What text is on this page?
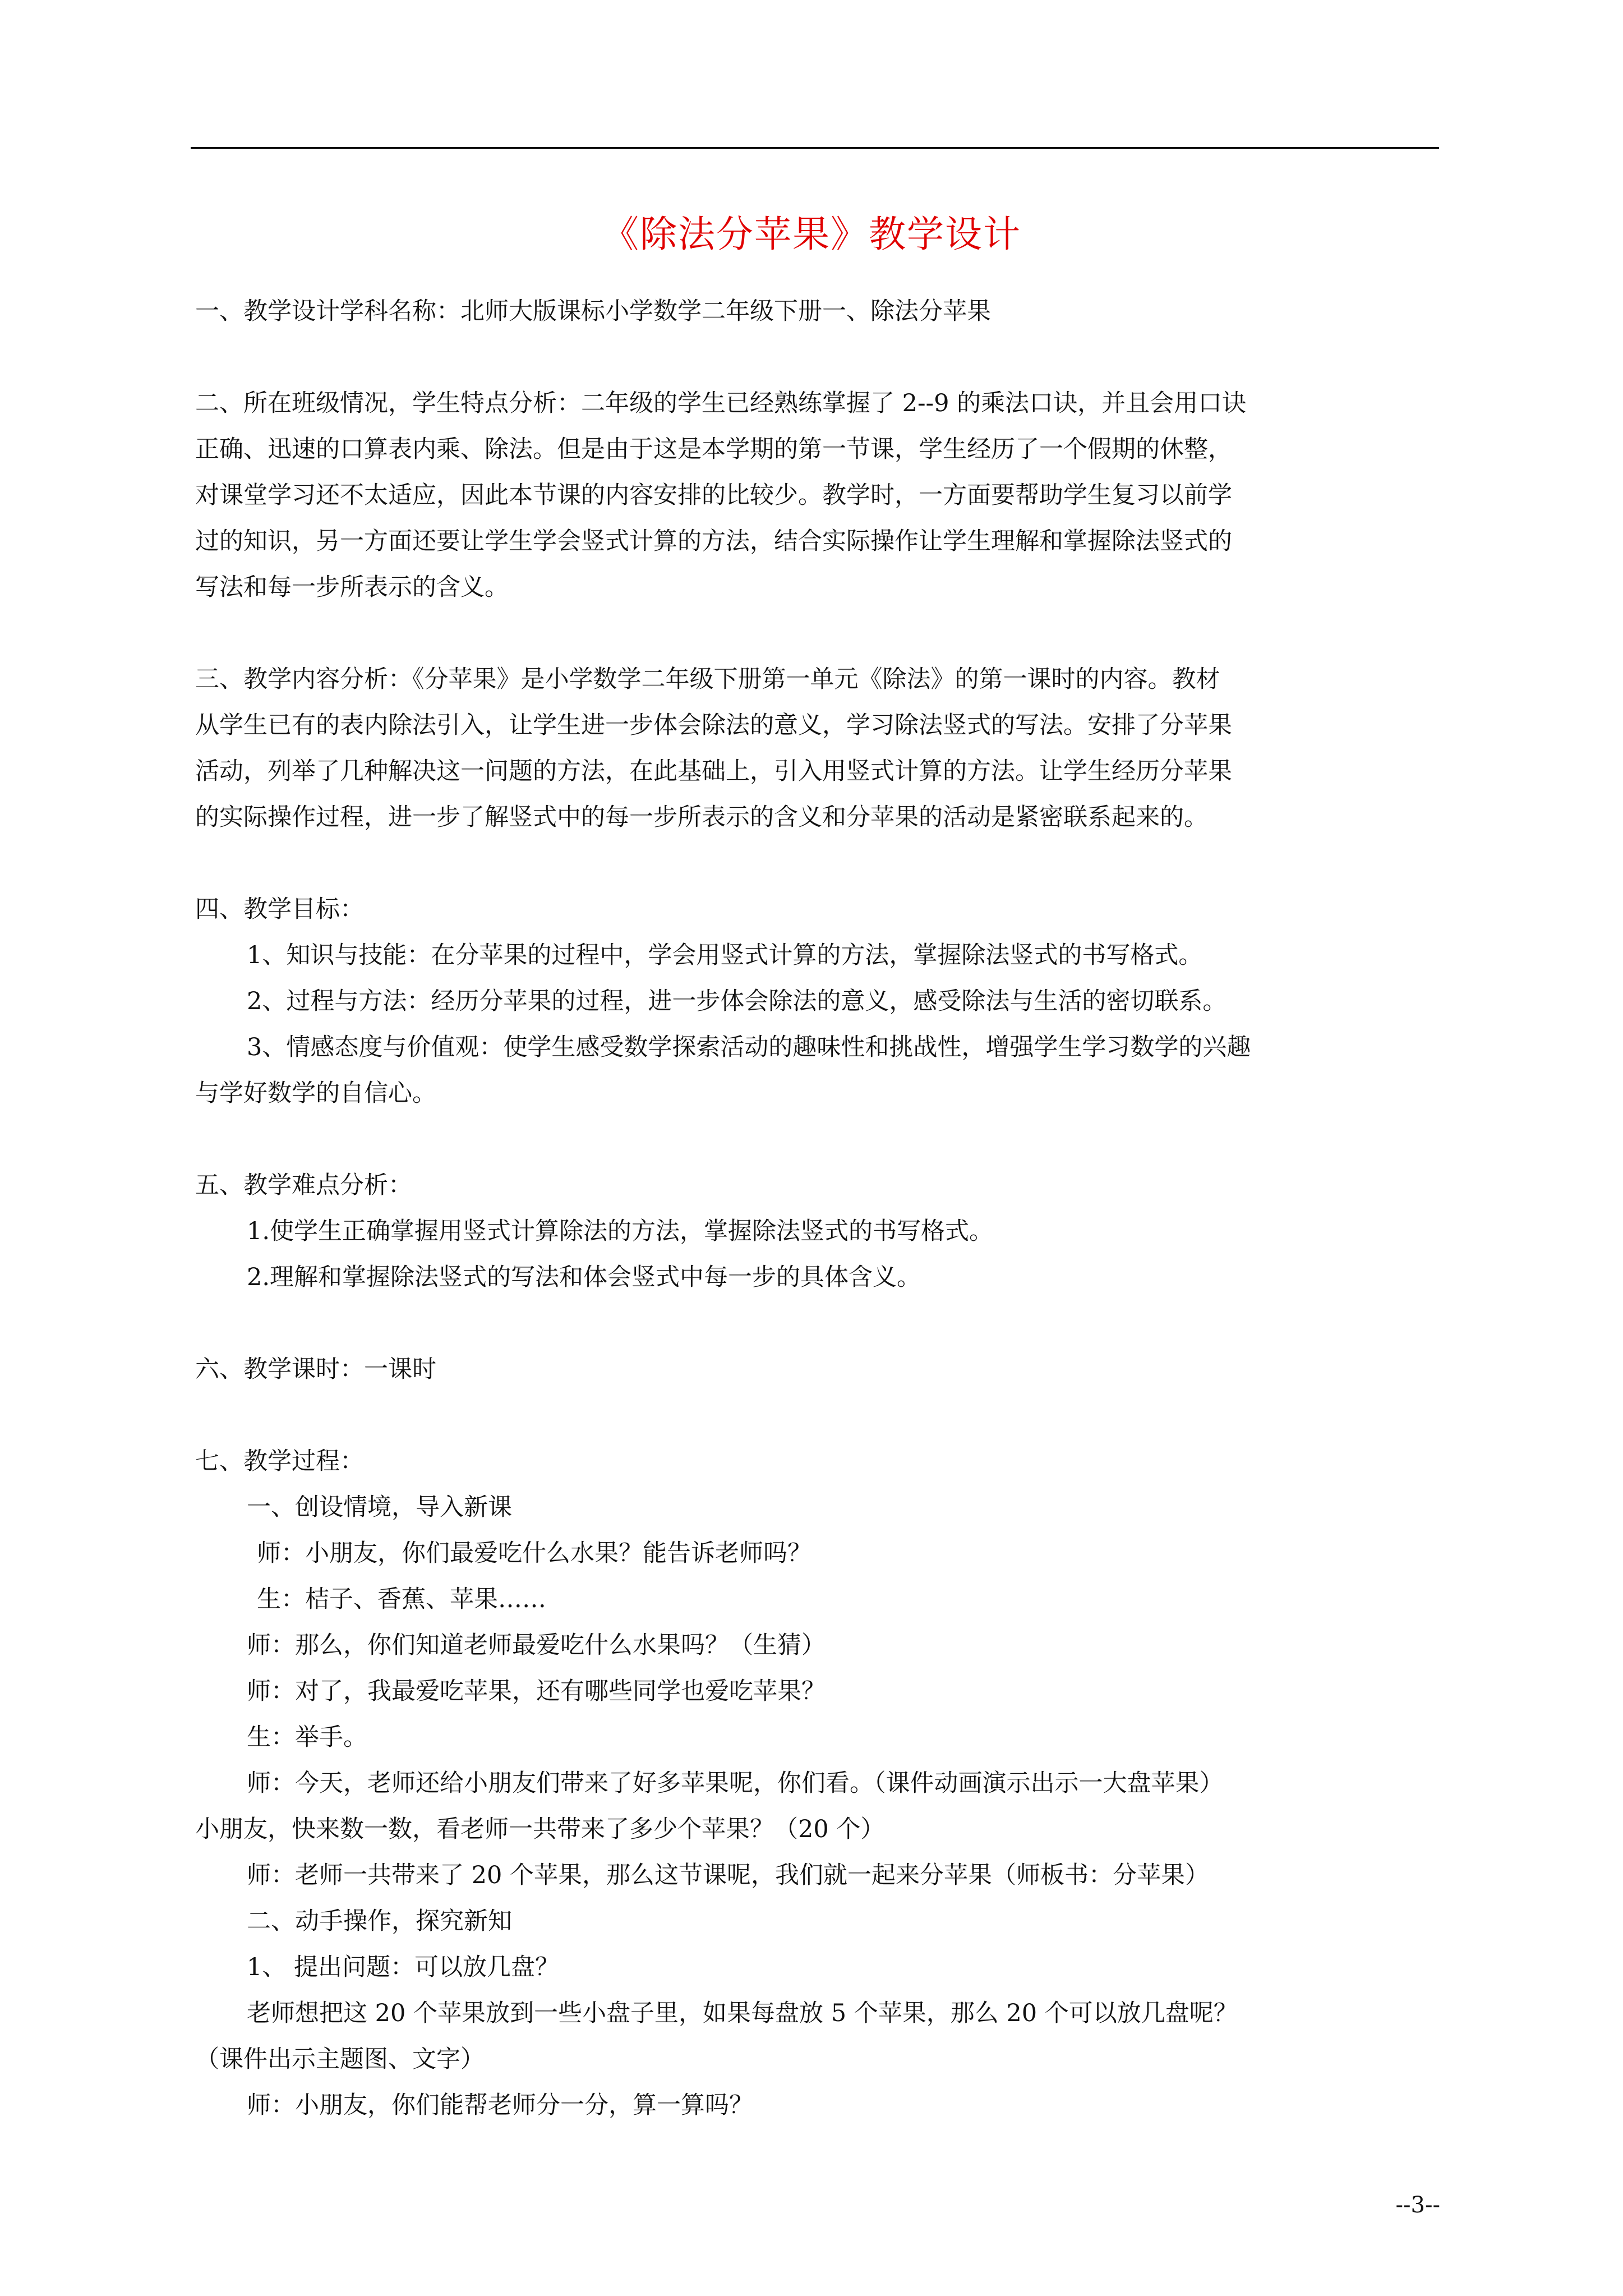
《除法分苹果》教学设计

一、教学设计学科名称：北师大版课标小学数学二年级下册一、除法分苹果

二、所在班级情况，学生特点分析：二年级的学生已经熟练掌握了 2--9 的乘法口诀，并且会用口诀

正确、迅速的口算表内乘、除法。但是由于这是本学期的第一节课，学生经历了一个假期的休整，

对课堂学习还不太适应，因此本节课的内容安排的比较少。教学时，一方面要帮助学生复习以前学

过的知识，另一方面还要让学生学会竖式计算的方法，结合实际操作让学生理解和掌握除法竖式的

写法和每一步所表示的含义。

三、教学内容分析：《分苹果》是小学数学二年级下册第一单元《除法》的第一课时的内容。教材

从学生已有的表内除法引入，让学生进一步体会除法的意义，学习除法竖式的写法。安排了分苹果

活动，列举了几种解决这一问题的方法，在此基础上，引入用竖式计算的方法。让学生经历分苹果

的实际操作过程，进一步了解竖式中的每一步所表示的含义和分苹果的活动是紧密联系起来的。

四、教学目标：

1、知识与技能：在分苹果的过程中，学会用竖式计算的方法，掌握除法竖式的书写格式。

2、过程与方法：经历分苹果的过程，进一步体会除法的意义，感受除法与生活的密切联系。

3、情感态度与价值观：使学生感受数学探索活动的趣味性和挑战性，增强学生学习数学的兴趣

与学好数学的自信心。

五、教学难点分析：

1.使学生正确掌握用竖式计算除法的方法，掌握除法竖式的书写格式。

2.理解和掌握除法竖式的写法和体会竖式中每一步的具体含义。

六、教学课时：一课时

七、教学过程：

一、创设情境，导入新课

师：小朋友，你们最爱吃什么水果？能告诉老师吗？

生：桔子、香蕉、苹果……

师：那么，你们知道老师最爱吃什么水果吗？（生猜）

师：对了，我最爱吃苹果，还有哪些同学也爱吃苹果？

生：举手。

师：今天，老师还给小朋友们带来了好多苹果呢，你们看。（课件动画演示出示一大盘苹果）

小朋友，快来数一数，看老师一共带来了多少个苹果？（20 个）

师：老师一共带来了 20 个苹果，那么这节课呢，我们就一起来分苹果（师板书：分苹果）

二、动手操作，探究新知

1、 提出问题：可以放几盘？

老师想把这 20 个苹果放到一些小盘子里，如果每盘放 5 个苹果，那么 20 个可以放几盘呢？

（课件出示主题图、文字）

师：小朋友，你们能帮老师分一分，算一算吗？

--3--
